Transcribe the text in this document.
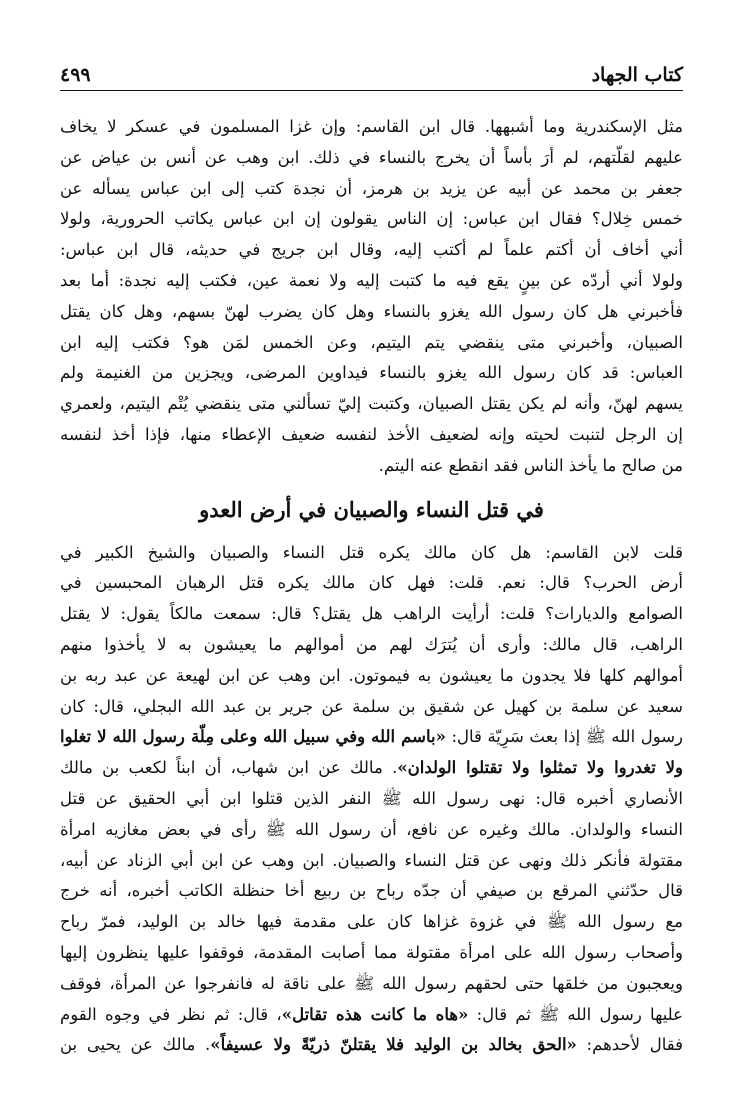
كتاب الجهاد
٤٩٩
مثل الإسكندرية وما أشبهها. قال ابن القاسم: وإن غزا المسلمون في عسكر لا يخاف
عليهم لقلّتهم، لم أرَ بأساً أن يخرج بالنساء في ذلك. ابن وهب عن أنس بن عياض عن
جعفر بن محمد عن أبيه عن يزيد بن هرمز، أن نجدة كتب إلى ابن عباس يسأله عن
خمس خِلال؟ فقال ابن عباس: إن الناس يقولون إن ابن عباس يكاتب الحرورية، ولولا
أني أخاف أن أكتم علماً لم أكتب إليه، وقال ابن جريج في حديثه، قال ابن عباس:
ولولا أني أردّه عن بينٍ يقع فيه ما كتبت إليه ولا نعمة عين، فكتب إليه نجدة: أما بعد
فأخبرني هل كان رسول الله يغزو بالنساء وهل كان يضرب لهنّ بسهم، وهل كان يقتل
الصبيان، وأخبرني متى ينقضي يتم اليتيم، وعن الخمس لمَن هو؟ فكتب إليه ابن
العباس: قد كان رسول الله يغزو بالنساء فيداوين المرضى، ويجزين من الغنيمة ولم
يسهم لهنّ، وأنه لم يكن يقتل الصبيان، وكتبت إليّ تسألني متى ينقضي يُتْم اليتيم، ولعمري
إن الرجل لتنبت لحيته وإنه لضعيف الأخذ لنفسه ضعيف الإعطاء منها، فإذا أخذ لنفسه
من صالح ما يأخذ الناس فقد انقطع عنه اليتم.
في قتل النساء والصبيان في أرض العدو
قلت لابن القاسم: هل كان مالك يكره قتل النساء والصبيان والشيخ الكبير في
أرض الحرب؟ قال: نعم. قلت: فهل كان مالك يكره قتل الرهبان المحبسين في
الصوامع والديارات؟ قلت: أرأيت الراهب هل يقتل؟ قال: سمعت مالكاً يقول: لا يقتل
الراهب، قال مالك: وأرى أن يُترَك لهم من أموالهم ما يعيشون به لا يأخذوا منهم
أموالهم كلها فلا يجدون ما يعيشون به فيموتون. ابن وهب عن ابن لهيعة عن عبد ربه بن
سعيد عن سلمة بن كهيل عن شقيق بن سلمة عن جرير بن عبد الله البجلي، قال: كان
رسول الله ﷺ إذا بعث سَرِيّة قال: «باسم الله وفي سبيل الله وعلى مِلّة رسول الله لا تغلوا
ولا تغدروا ولا تمثلوا ولا تقتلوا الولدان». مالك عن ابن شهاب، أن ابناً لكعب بن مالك
الأنصاري أخبره قال: نهى رسول الله ﷺ النفر الذين قتلوا ابن أبي الحقيق عن قتل
النساء والولدان. مالك وغيره عن نافع، أن رسول الله ﷺ رأى في بعض مغازيه امرأة
مقتولة فأنكر ذلك ونهى عن قتل النساء والصبيان. ابن وهب عن ابن أبي الزناد عن أبيه،
قال حدّثني المرقع بن صيفي أن جدّه رباح بن ربيع أخا حنظلة الكاتب أخبره، أنه خرج
مع رسول الله ﷺ في غزوة غزاها كان على مقدمة فيها خالد بن الوليد، فمرّ رباح
وأصحاب رسول الله على امرأة مقتولة مما أصابت المقدمة، فوقفوا عليها ينظرون إليها
ويعجبون من خلقها حتى لحقهم رسول الله ﷺ على ناقة له فانفرجوا عن المرأة، فوقف
عليها رسول الله ﷺ ثم قال: «هاه ما كانت هذه تقاتل»، قال: ثم نظر في وجوه القوم
فقال لأحدهم: «الحق بخالد بن الوليد فلا يقتلنّ ذريّةً ولا عسيفاً». مالك عن يحيى بن
